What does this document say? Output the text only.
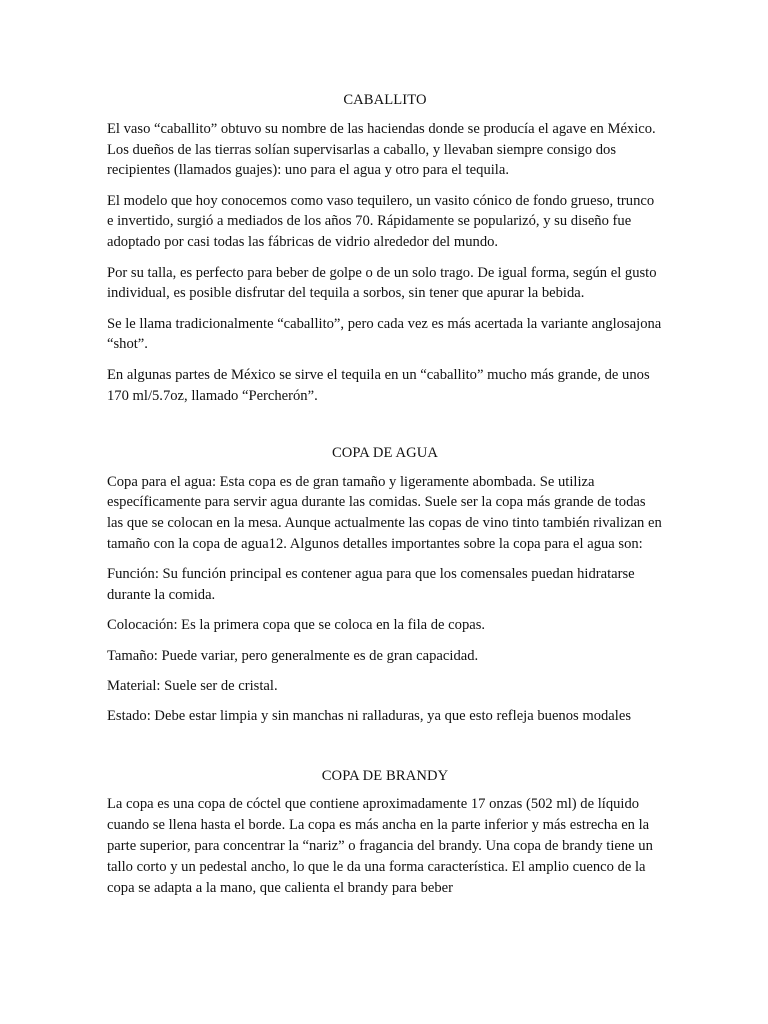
CABALLITO

El vaso “caballito” obtuvo su nombre de las haciendas donde se producía el agave en México. Los dueños de las tierras solían supervisarlas a caballo, y llevaban siempre consigo dos recipientes (llamados guajes): uno para el agua y otro para el tequila.

El modelo que hoy conocemos como vaso tequilero, un vasito cónico de fondo grueso, trunco e invertido, surgió a mediados de los años 70. Rápidamente se popularizó, y su diseño fue adoptado por casi todas las fábricas de vidrio alrededor del mundo.

Por su talla, es perfecto para beber de golpe o de un solo trago. De igual forma, según el gusto individual, es posible disfrutar del tequila a sorbos, sin tener que apurar la bebida.

Se le llama tradicionalmente “caballito”, pero cada vez es más acertada la variante anglosajona “shot”.

En algunas partes de México se sirve el tequila en un “caballito” mucho más grande, de unos 170 ml/5.7oz, llamado “Percherón”.

COPA DE AGUA

Copa para el agua: Esta copa es de gran tamaño y ligeramente abombada. Se utiliza específicamente para servir agua durante las comidas. Suele ser la copa más grande de todas las que se colocan en la mesa. Aunque actualmente las copas de vino tinto también rivalizan en tamaño con la copa de agua12. Algunos detalles importantes sobre la copa para el agua son:

Función: Su función principal es contener agua para que los comensales puedan hidratarse durante la comida.

Colocación: Es la primera copa que se coloca en la fila de copas.

Tamaño: Puede variar, pero generalmente es de gran capacidad.

Material: Suele ser de cristal.

Estado: Debe estar limpia y sin manchas ni ralladuras, ya que esto refleja buenos modales

COPA DE BRANDY

La copa es una copa de cóctel que contiene aproximadamente 17 onzas (502 ml) de líquido cuando se llena hasta el borde. La copa es más ancha en la parte inferior y más estrecha en la parte superior, para concentrar la “nariz” o fragancia del brandy. Una copa de brandy tiene un tallo corto y un pedestal ancho, lo que le da una forma característica. El amplio cuenco de la copa se adapta a la mano, que calienta el brandy para beber
